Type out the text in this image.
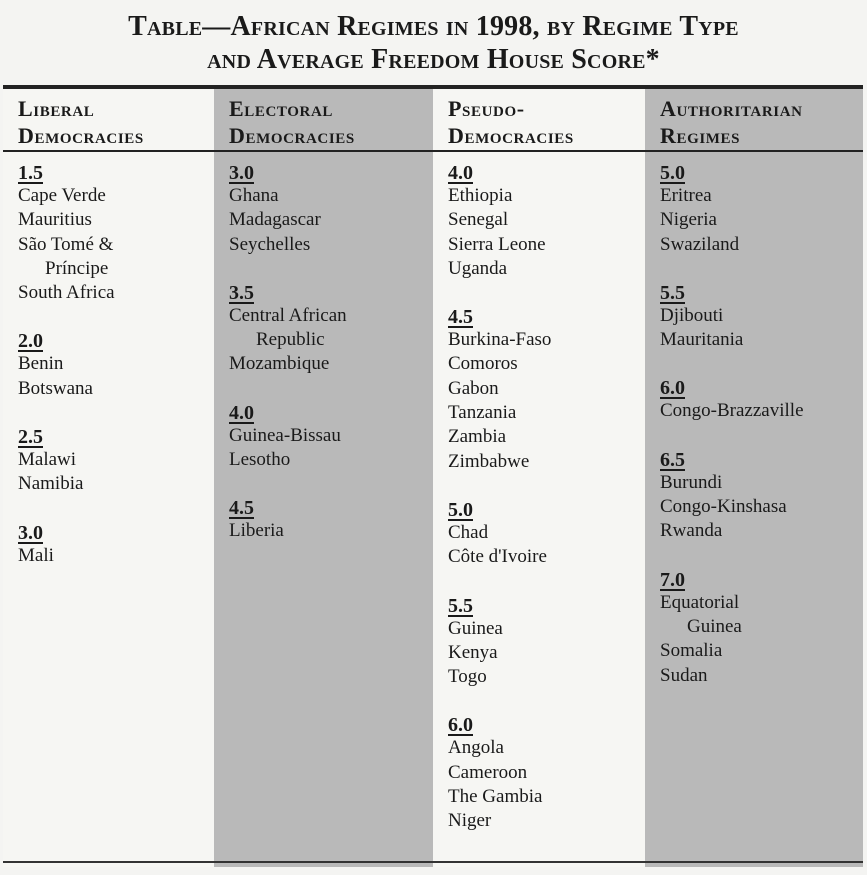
Table—African Regimes in 1998, by Regime Type
and Average Freedom House Score*
Liberal
Democracies
1.5
Cape Verde
Mauritius
São Tomé &
Príncipe
South Africa
2.0
Benin
Botswana
2.5
Malawi
Namibia
3.0
Mali
Electoral
Democracies
3.0
Ghana
Madagascar
Seychelles
3.5
Central African
Republic
Mozambique
4.0
Guinea-Bissau
Lesotho
4.5
Liberia
Pseudo-
Democracies
4.0
Ethiopia
Senegal
Sierra Leone
Uganda
4.5
Burkina-Faso
Comoros
Gabon
Tanzania
Zambia
Zimbabwe
5.0
Chad
Côte d'Ivoire
5.5
Guinea
Kenya
Togo
6.0
Angola
Cameroon
The Gambia
Niger
Authoritarian
Regimes
5.0
Eritrea
Nigeria
Swaziland
5.5
Djibouti
Mauritania
6.0
Congo-Brazzaville
6.5
Burundi
Congo-Kinshasa
Rwanda
7.0
Equatorial
Guinea
Somalia
Sudan
